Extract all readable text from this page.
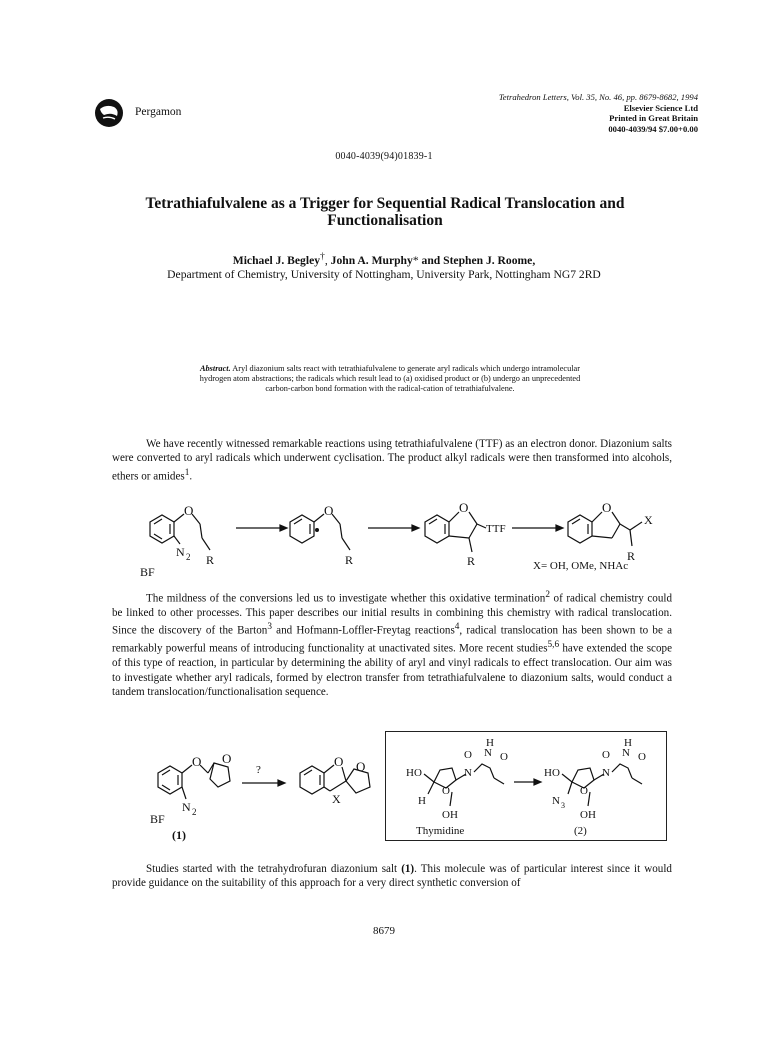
Pergamon
Tetrahedron Letters, Vol. 35, No. 46, pp. 8679-8682, 1994
Elsevier Science Ltd
Printed in Great Britain
0040-4039/94 $7.00+0.00
0040-4039(94)01839-1
Tetrathiafulvalene as a Trigger for Sequential Radical Translocation and
Functionalisation
Michael J. Begley†, John A. Murphy* and Stephen J. Roome,
Department of Chemistry, University of Nottingham, University Park, Nottingham NG7 2RD
Abstract. Aryl diazonium salts react with tetrathiafulvalene to generate aryl radicals which undergo intramolecular hydrogen atom abstractions; the radicals which result lead to (a) oxidised product or (b) undergo an unprecedented carbon-carbon bond formation with the radical-cation of tetrathiafulvalene.
We have recently witnessed remarkable reactions using tetrathiafulvalene (TTF) as an electron donor. Diazonium salts were converted to aryl radicals which underwent cyclisation. The product alkyl radicals were then transformed into alcohols, ethers or amides$^1$.
O
N 2 R
BF
O
R
O
TTF
R
O
X
R
X= OH, OMe, NHAc
The mildness of the conversions led us to investigate whether this oxidative termination$^2$ of radical chemistry could be linked to other processes. This paper describes our initial results in combining this chemistry with radical translocation. Since the discovery of the Barton$^3$ and Hofmann-Loffler-Freytag reactions$^4$, radical translocation has been shown to be a remarkably powerful means of introducing functionality at unactivated sites. More recent studies$^{5,6}$ have extended the scope of this type of reaction, in particular by determining the ability of aryl and vinyl radicals to effect translocation. Our aim was to investigate whether aryl radicals, formed by electron transfer from tetrathiafulvalene to diazonium salts, would conduct a tandem translocation/functionalisation sequence.
O O
N 2
BF
(1)
?
O O
X
HO
O
H
OH
N
N
H
O	O
HO
O
N 3
OH
N
N
H
O	O
Thymidine	(2)
Studies started with the tetrahydrofuran diazonium salt (1). This molecule was of particular interest since it would provide guidance on the suitability of this approach for a very direct synthetic conversion of
8679
